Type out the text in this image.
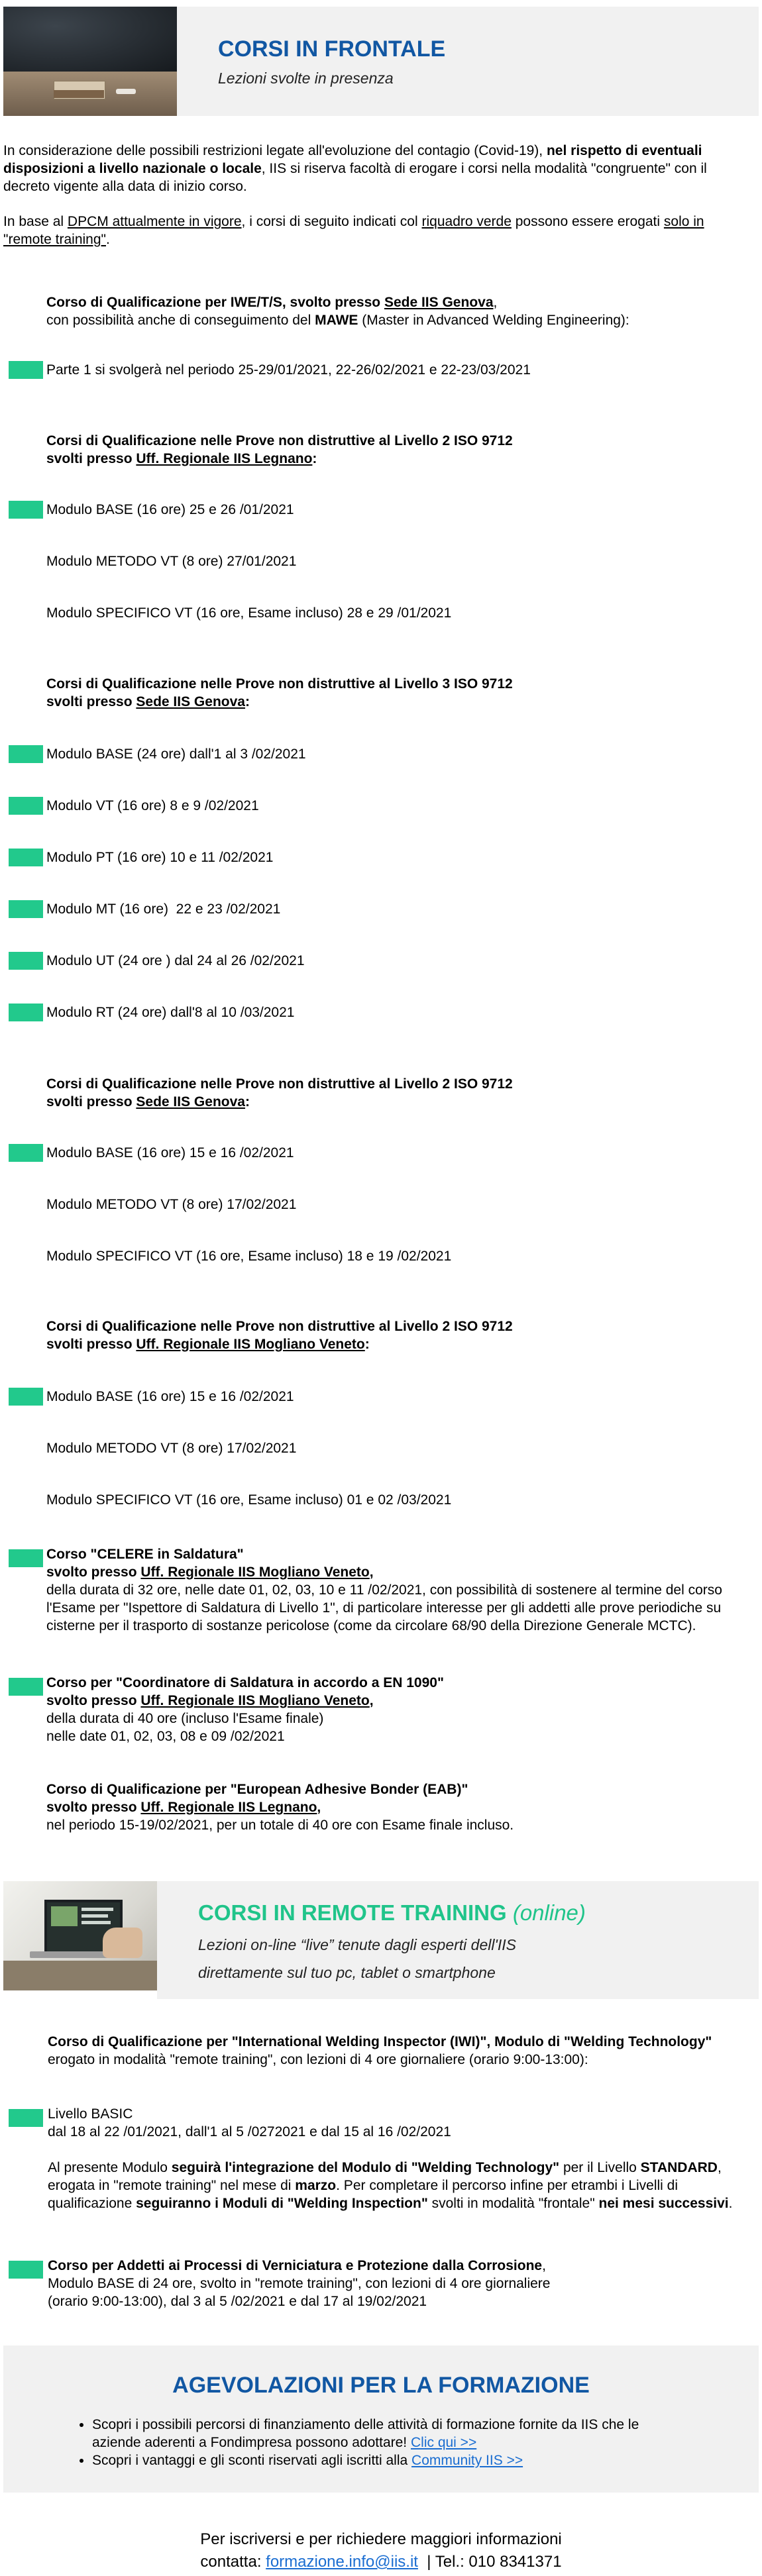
CORSI IN FRONTALE
Lezioni svolte in presenza
In considerazione delle possibili restrizioni legate all'evoluzione del contagio (Covid-19), nel rispetto di eventuali disposizioni a livello nazionale o locale, IIS si riserva facoltà di erogare i corsi nella modalità "congruente" con il decreto vigente alla data di inizio corso.
In base al DPCM attualmente in vigore, i corsi di seguito indicati col riquadro verde possono essere erogati solo in "remote training".
Corso di Qualificazione per IWE/T/S, svolto presso Sede IIS Genova,
con possibilità anche di conseguimento del MAWE (Master in Advanced Welding Engineering):
Parte 1 si svolgerà nel periodo 25-29/01/2021, 22-26/02/2021 e 22-23/03/2021
Corsi di Qualificazione nelle Prove non distruttive al Livello 2 ISO 9712
svolti presso Uff. Regionale IIS Legnano:
Modulo BASE (16 ore) 25 e 26 /01/2021
Modulo METODO VT (8 ore) 27/01/2021
Modulo SPECIFICO VT (16 ore, Esame incluso) 28 e 29 /01/2021
Corsi di Qualificazione nelle Prove non distruttive al Livello 3 ISO 9712
svolti presso Sede IIS Genova:
Modulo BASE (24 ore) dall'1 al 3 /02/2021
Modulo VT (16 ore) 8 e 9 /02/2021
Modulo PT (16 ore) 10 e 11 /02/2021
Modulo MT (16 ore)  22 e 23 /02/2021
Modulo UT (24 ore ) dal 24 al 26 /02/2021
Modulo RT (24 ore) dall'8 al 10 /03/2021
Corsi di Qualificazione nelle Prove non distruttive al Livello 2 ISO 9712
svolti presso Sede IIS Genova:
Modulo BASE (16 ore) 15 e 16 /02/2021
Modulo METODO VT (8 ore) 17/02/2021
Modulo SPECIFICO VT (16 ore, Esame incluso) 18 e 19 /02/2021
Corsi di Qualificazione nelle Prove non distruttive al Livello 2 ISO 9712
svolti presso Uff. Regionale IIS Mogliano Veneto:
Modulo BASE (16 ore) 15 e 16 /02/2021
Modulo METODO VT (8 ore) 17/02/2021
Modulo SPECIFICO VT (16 ore, Esame incluso) 01 e 02 /03/2021
Corso "CELERE in Saldatura"
svolto presso Uff. Regionale IIS Mogliano Veneto,
della durata di 32 ore, nelle date 01, 02, 03, 10 e 11 /02/2021, con possibilità di sostenere al termine del corso l'Esame per "Ispettore di Saldatura di Livello 1", di particolare interesse per gli addetti alle prove periodiche su cisterne per il trasporto di sostanze pericolose (come da circolare 68/90 della Direzione Generale MCTC).
Corso per "Coordinatore di Saldatura in accordo a EN 1090"
svolto presso Uff. Regionale IIS Mogliano Veneto,
della durata di 40 ore (incluso l'Esame finale)
nelle date 01, 02, 03, 08 e 09 /02/2021
Corso di Qualificazione per "European Adhesive Bonder (EAB)"
svolto presso Uff. Regionale IIS Legnano,
nel periodo 15-19/02/2021, per un totale di 40 ore con Esame finale incluso.
CORSI IN REMOTE TRAINING (online)
Lezioni on-line “live” tenute dagli esperti dell'IIS
direttamente sul tuo pc, tablet o smartphone
Corso di Qualificazione per "International Welding Inspector (IWI)", Modulo di "Welding Technology" erogato in modalità "remote training", con lezioni di 4 ore giornaliere (orario 9:00-13:00):
Livello BASIC
dal 18 al 22 /01/2021, dall'1 al 5 /0272021 e dal 15 al 16 /02/2021
Al presente Modulo seguirà l'integrazione del Modulo di "Welding Technology" per il Livello STANDARD, erogata in "remote training" nel mese di marzo. Per completare il percorso infine per etrambi i Livelli di qualificazione seguiranno i Moduli di "Welding Inspection" svolti in modalità "frontale" nei mesi successivi.
Corso per Addetti ai Processi di Verniciatura e Protezione dalla Corrosione,
Modulo BASE di 24 ore, svolto in "remote training", con lezioni di 4 ore giornaliere
(orario 9:00-13:00), dal 3 al 5 /02/2021 e dal 17 al 19/02/2021
AGEVOLAZIONI PER LA FORMAZIONE
• Scopri i possibili percorsi di finanziamento delle attività di formazione fornite da IIS che le aziende aderenti a Fondimpresa possono adottare! Clic qui >>
• Scopri i vantaggi e gli sconti riservati agli iscritti alla Community IIS >>
Per iscriversi e per richiedere maggiori informazioni
contatta: formazione.info@iis.it  | Tel.: 010 8341371
